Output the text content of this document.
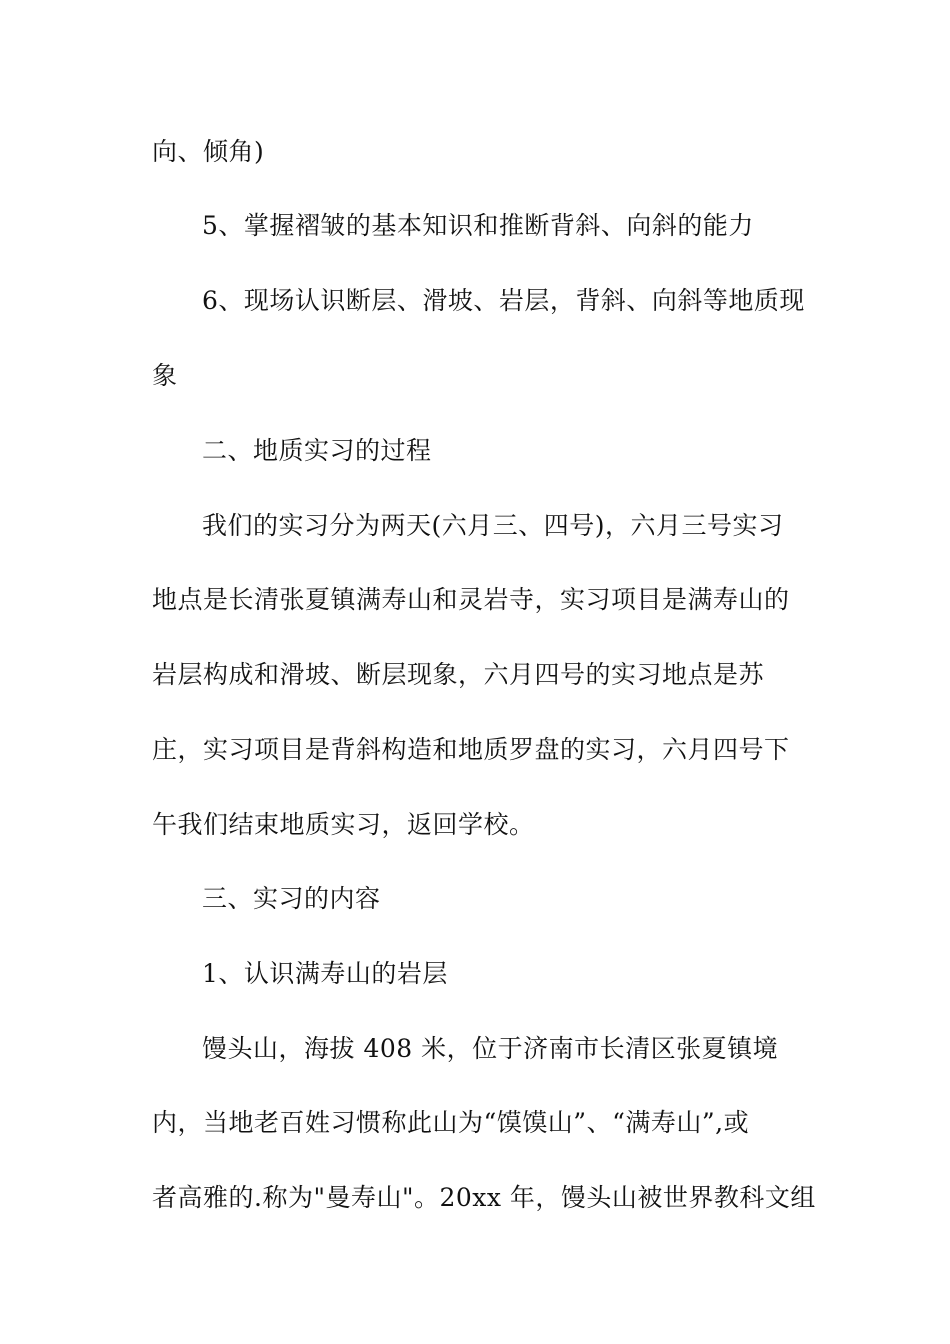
向、倾角)
5、掌握褶皱的基本知识和推断背斜、向斜的能力
6、现场认识断层、滑坡、岩层，背斜、向斜等地质现
象
二、地质实习的过程
我们的实习分为两天(六月三、四号)，六月三号实习
地点是长清张夏镇满寿山和灵岩寺，实习项目是满寿山的
岩层构成和滑坡、断层现象，六月四号的实习地点是苏
庄，实习项目是背斜构造和地质罗盘的实习，六月四号下
午我们结束地质实习，返回学校。
三、实习的内容
1、认识满寿山的岩层
馒头山，海拔 408 米，位于济南市长清区张夏镇境
内，当地老百姓习惯称此山为“馍馍山”、“满寿山”,或
者高雅的.称为"曼寿山"。20xx 年，馒头山被世界教科文组
